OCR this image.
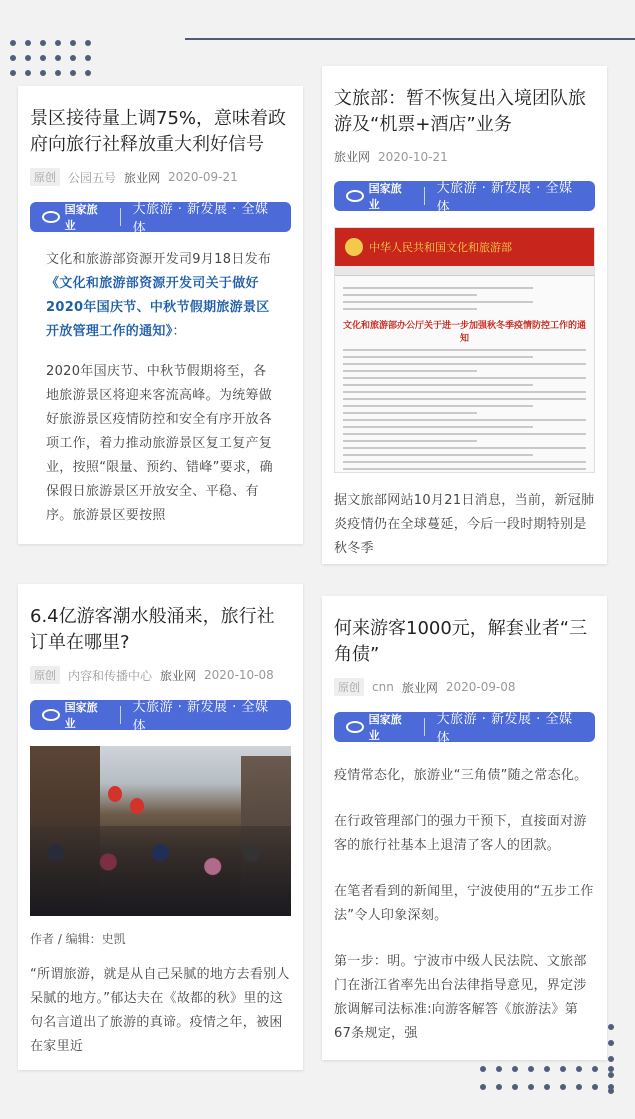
景区接待量上调75%，意味着政府向旅行社释放重大利好信号
原创	公园五号 旅业网 2020-09-21
国家旅业
大旅游 · 新发展 · 全媒体

文化和旅游部资源开发司9月18日发布《文化和旅游部资源开发司关于做好2020年国庆节、中秋节假期旅游景区开放管理工作的通知》：

2020年国庆节、中秋节假期将至，各地旅游景区将迎来客流高峰。为统筹做好旅游景区疫情防控和安全有序开放各项工作，着力推动旅游景区复工复产复业，按照“限量、预约、错峰”要求，确保假日旅游景区开放安全、平稳、有序。旅游景区要按照

文旅部：暂不恢复出入境团队旅游及“机票+酒店”业务
旅业网 2020-10-21
国家旅业
大旅游 · 新发展 · 全媒体
中华人民共和国文化和旅游部
文化和旅游部办公厅关于进一步加强秋冬季疫情防控工作的通知

据文旅部网站10月21日消息，当前，新冠肺炎疫情仍在全球蔓延，今后一段时期特别是秋冬季

6.4亿游客潮水般涌来，旅行社订单在哪里?
原创	内容和传播中心 旅业网 2020-10-08
国家旅业
大旅游 · 新发展 · 全媒体
作者 / 编辑：史凯

“所谓旅游，就是从自己呆腻的地方去看别人呆腻的地方。”郁达夫在《故都的秋》里的这句名言道出了旅游的真谛。疫情之年，被困在家里近

何来游客1000元，解套业者“三角债”
原创	cnn 旅业网 2020-09-08
国家旅业
大旅游 · 新发展 · 全媒体

疫情常态化，旅游业“三角债”随之常态化。

在行政管理部门的强力干预下，直接面对游客的旅行社基本上退清了客人的团款。

在笔者看到的新闻里，宁波使用的“五步工作法”令人印象深刻。

第一步：明。宁波市中级人民法院、文旅部门在浙江省率先出台法律指导意见，界定涉旅调解司法标准:向游客解答《旅游法》第67条规定，强
